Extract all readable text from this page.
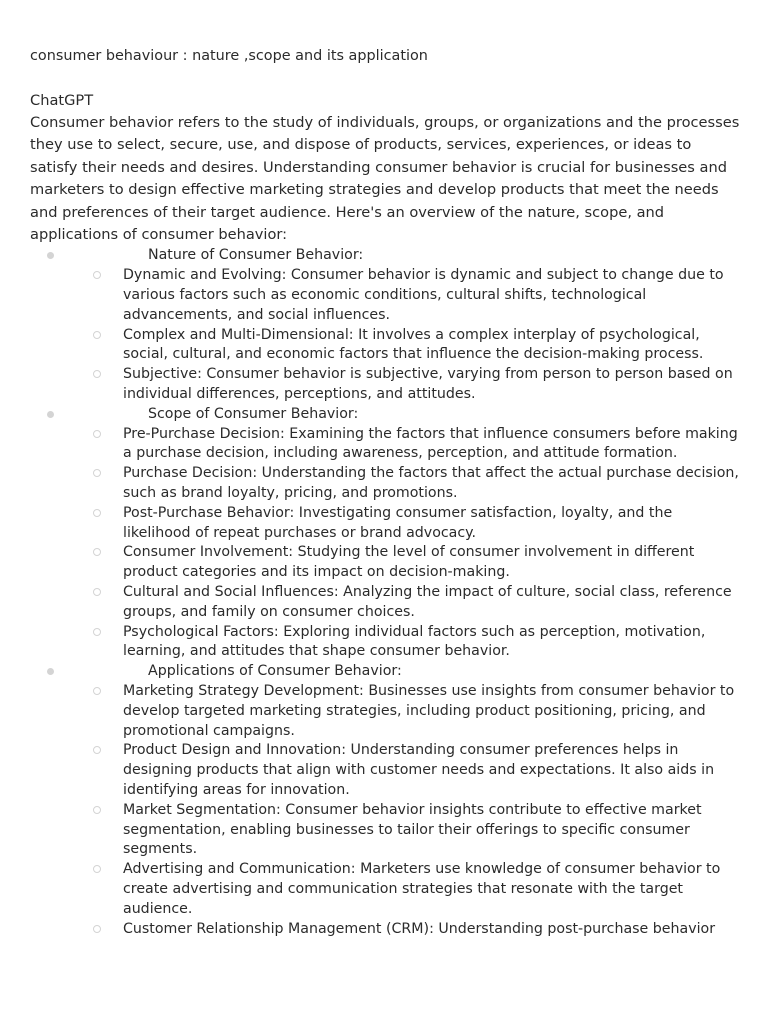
consumer behaviour : nature ,scope and its application

ChatGPT

Consumer behavior refers to the study of individuals, groups, or organizations and the processes they use to select, secure, use, and dispose of products, services, experiences, or ideas to satisfy their needs and desires. Understanding consumer behavior is crucial for businesses and marketers to design effective marketing strategies and develop products that meet the needs and preferences of their target audience. Here's an overview of the nature, scope, and applications of consumer behavior:

Nature of Consumer Behavior:
Dynamic and Evolving: Consumer behavior is dynamic and subject to change due to various factors such as economic conditions, cultural shifts, technological advancements, and social influences.
Complex and Multi-Dimensional: It involves a complex interplay of psychological, social, cultural, and economic factors that influence the decision-making process.
Subjective: Consumer behavior is subjective, varying from person to person based on individual differences, perceptions, and attitudes.
Scope of Consumer Behavior:
Pre-Purchase Decision: Examining the factors that influence consumers before making a purchase decision, including awareness, perception, and attitude formation.
Purchase Decision: Understanding the factors that affect the actual purchase decision, such as brand loyalty, pricing, and promotions.
Post-Purchase Behavior: Investigating consumer satisfaction, loyalty, and the likelihood of repeat purchases or brand advocacy.
Consumer Involvement: Studying the level of consumer involvement in different product categories and its impact on decision-making.
Cultural and Social Influences: Analyzing the impact of culture, social class, reference groups, and family on consumer choices.
Psychological Factors: Exploring individual factors such as perception, motivation, learning, and attitudes that shape consumer behavior.
Applications of Consumer Behavior:
Marketing Strategy Development: Businesses use insights from consumer behavior to develop targeted marketing strategies, including product positioning, pricing, and promotional campaigns.
Product Design and Innovation: Understanding consumer preferences helps in designing products that align with customer needs and expectations. It also aids in identifying areas for innovation.
Market Segmentation: Consumer behavior insights contribute to effective market segmentation, enabling businesses to tailor their offerings to specific consumer segments.
Advertising and Communication: Marketers use knowledge of consumer behavior to create advertising and communication strategies that resonate with the target audience.
Customer Relationship Management (CRM): Understanding post-purchase behavior
